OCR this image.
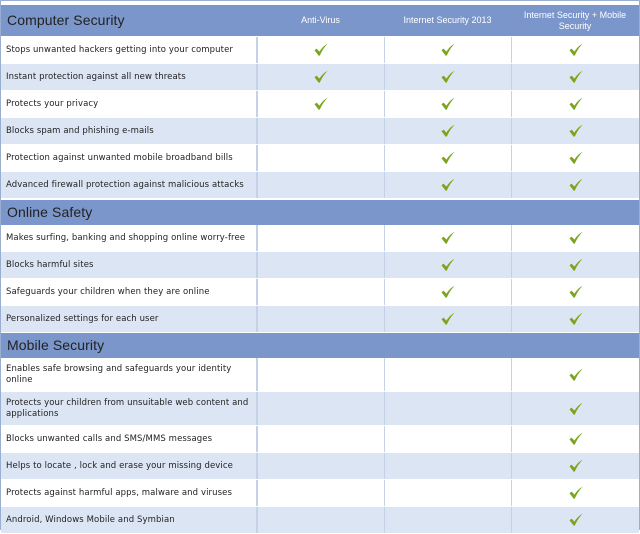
Computer Security	Anti-Virus	Internet Security 2013
Internet Security + Mobile Security
Stops unwanted hackers getting into your computer
Instant protection against all new threats
Protects your privacy
Blocks spam and phishing e-mails
Protection against unwanted mobile broadband bills
Advanced firewall protection against malicious attacks
Online Safety
Makes surfing, banking and shopping online worry-free
Blocks harmful sites
Safeguards your children when they are online
Personalized settings for each user
Mobile Security
Enables safe browsing and safeguards your identity online
Protects your children from unsuitable web content and applications
Blocks unwanted calls and SMS/MMS messages
Helps to locate , lock and erase your missing device
Protects against harmful apps, malware and viruses
Android, Windows Mobile and Symbian
